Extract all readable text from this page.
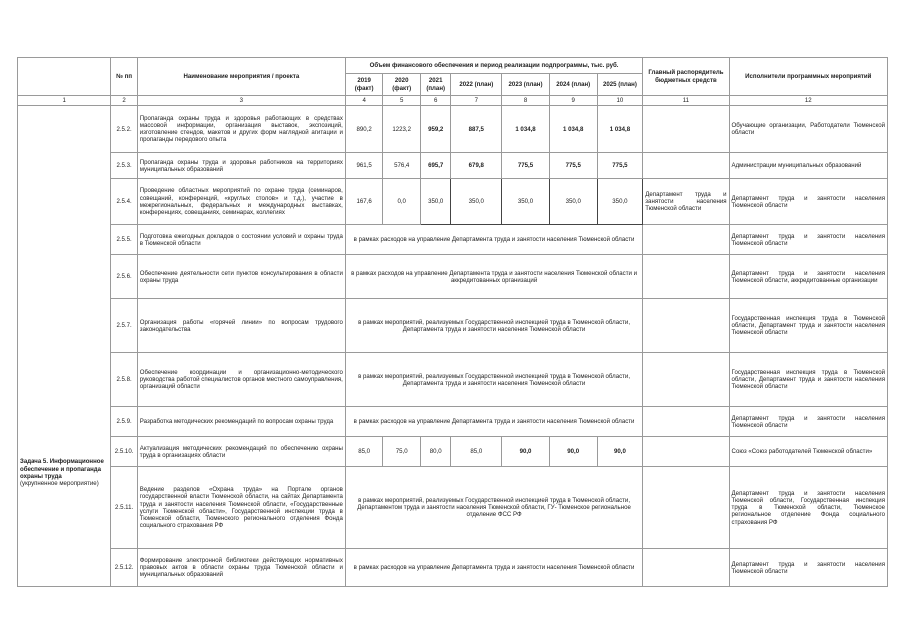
	№ пп	Наименование мероприятия / проекта	Объем финансового обеспечения и период реализации подпрограммы, тыс. руб.							Главный распорядитель бюджетных средств	Исполнители программных мероприятий
			2019 (факт)	2020 (факт)	2021 (план)	2022 (план)	2023 (план)	2024 (план)	2025 (план)		
1	2	3	4	5	6	7	8	9	10	11	12
Задача 5. Информационное обеспечение и пропаганда охраны труда
(укрупненное мероприятие)	2.5.2.	Пропаганда охраны труда и здоровья работающих в средствах массовой информации, организация выставок, экспозиций, изготовление стендов, макетов и других форм наглядной агитации и пропаганды передового опыта	890,2	1223,2	959,2	887,5	1 034,8	1 034,8	1 034,8		Обучающие организации, Работодатели Тюменской области
	2.5.3.	Пропаганда охраны труда и здоровья работников на территориях муниципальных образований	961,5	576,4	695,7	679,8	775,5	775,5	775,5		Администрации муниципальных образований
	2.5.4.	Проведение областных мероприятий по охране труда (семинаров, совещаний, конференций, «круглых столов» и т.д.), участие в межрегиональных, федеральных и международных выставках, конференциях, совещаниях, семинарах, коллегиях	167,6	0,0	350,0	350,0	350,0	350,0	350,0	Департамент труда и занятости населения Тюменской области	Департамент труда и занятости населения Тюменской области
	2.5.5.	Подготовка ежегодных докладов о состоянии условий и охраны труда в Тюменской области	в рамках расходов на управление Департамента труда и занятости населения Тюменской области								Департамент труда и занятости населения Тюменской области
	2.5.6.	Обеспечение деятельности сети пунктов консультирования в области охраны труда	в рамках расходов на управление Департамента труда и занятости населения Тюменской области и аккредитованных организаций								Департамент труда и занятости населения Тюменской области, аккредитованные организации
	2.5.7.	Организация работы «горячей линии» по вопросам трудового законодательства	в рамках мероприятий, реализуемых Государственной инспекцией труда в Тюменской области, Департамента труда и занятости населения Тюменской области								Государственная инспекция труда в Тюменской области, Департамент труда и занятости населения Тюменской области
	2.5.8.	Обеспечение координации и организационно-методического руководства работой специалистов органов местного самоуправления, организаций области	в рамках мероприятий, реализуемых Государственной инспекцией труда в Тюменской области, Департамента труда и занятости населения Тюменской области								Государственная инспекция труда в Тюменской области, Департамент труда и занятости населения Тюменской области
	2.5.9.	Разработка методических рекомендаций по вопросам охраны труда	в рамках расходов на управление Департамента труда и занятости населения Тюменской области								Департамент труда и занятости населения Тюменской области
	2.5.10.	Актуализация методических рекомендаций по обеспечению охраны труда в организациях области	85,0	75,0	80,0	85,0	90,0	90,0	90,0		Союз «Союз работодателей Тюменской области»
	2.5.11.	Ведение разделов «Охрана труда» на Портале органов государственной власти Тюменской области, на сайтах Департамента труда и занятости населения Тюменской области, «Государственные услуги Тюменской области», Государственной инспекции труда в Тюменской области, Тюменского регионального отделения Фонда социального страхования РФ	в рамках мероприятий, реализуемых Государственной инспекцией труда в Тюменской области, Департаментом труда и занятости населения Тюменской области, ГУ- Тюменское региональное отделение ФСС РФ								Департамент труда и занятости населения Тюменской области, Государственная инспекция труда в Тюменской области, Тюменское региональное отделение Фонда социального страхования РФ
	2.5.12.	Формирование электронной библиотеки действующих нормативных правовых актов в области охраны труда Тюменской области и муниципальных образований	в рамках расходов на управление Департамента труда и занятости населения Тюменской области								Департамент труда и занятости населения Тюменской области
